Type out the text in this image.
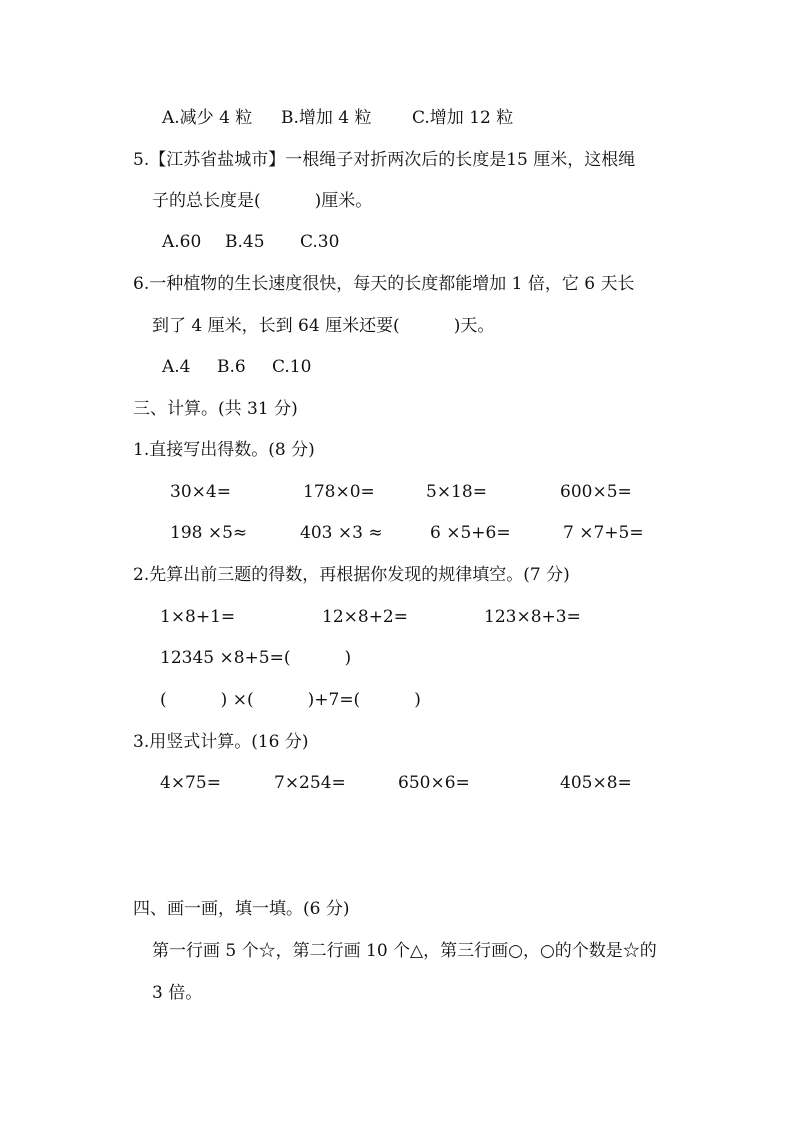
A.减少 4 粒 B.增加 4 粒 C.增加 12 粒
5.【江苏省盐城市】一根绳子对折两次后的长度是15 厘米，这根绳
子的总长度是(          )厘米。
A.60 B.45 C.30
6.一种植物的生长速度很快，每天的长度都能增加 1 倍，它 6 天长
到了 4 厘米，长到 64 厘米还要(          )天。
A.4 B.6 C.10
三、计算。(共 31 分)
1.直接写出得数。(8 分)
30×4=	178×0=	5×18=	600×5=
198 ×5≈	403 ×3 ≈	6 ×5+6=	7 ×7+5=
2.先算出前三题的得数，再根据你发现的规律填空。(7 分)
1×8+1=	12×8+2=	123×8+3=
12345 ×8+5=(          )
(          ) ×(          )+7=(          )
3.用竖式计算。(16 分)
4×75=	7×254=	650×6=	405×8=
四、画一画，填一填。(6 分)
第一行画 5 个☆，第二行画 10 个△，第三行画○，○的个数是☆的
3 倍。
